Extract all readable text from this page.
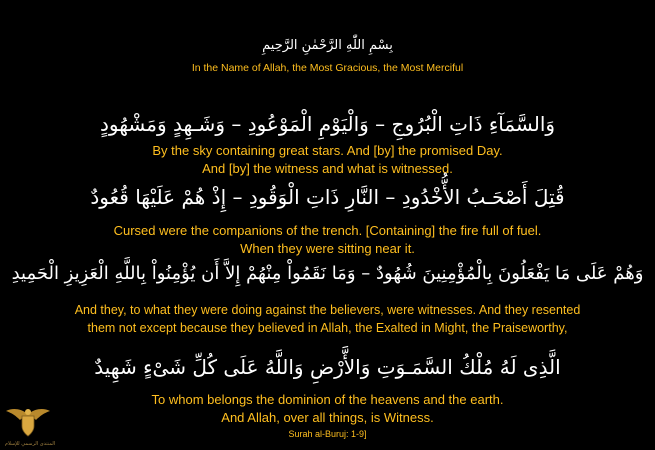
بِسْمِ اللّٰهِ الرَّحْمٰنِ الرَّحِيمِ
In the Name of Allah, the Most Gracious, the Most Merciful
وَالسَّمَآءِ ذَاتِ الْبُرُوجِ – وَالْيَوْمِ الْمَوْعُودِ – وَشَـهِدٍ وَمَشْهُودٍ
By the sky containing great stars. And [by] the promised Day.
And [by] the witness and what is witnessed.
قُتِلَ أَصْحَـبُ الأُّخْدُودِ – النَّارِ ذَاتِ الْوَقُودِ – إِذْ هُمْ عَلَيْهَا قُعُودٌ
Cursed were the companions of the trench. [Containing] the fire full of fuel.
When they were sitting near it.
وَهُمْ عَلَى مَا يَفْعَلُونَ بِالْمُؤْمِنِينَ شُهُودٌ – وَمَا نَقَمُواْ مِنْهُمْ إِلاَّ أَن يُؤْمِنُواْ بِاللَّهِ الْعَزِيزِ الْحَمِيدِ
And they, to what they were doing against the believers, were witnesses. And they resented
them not except because they believed in Allah, the Exalted in Might, the Praiseworthy,
الَّذِى لَهُ مُلْكُ السَّمَـوَتِ وَالأَّرْضِ وَاللَّهُ عَلَى كُلِّ شَىْءٍ شَهِيدٌ
To whom belongs the dominion of the heavens and the earth.
And Allah, over all things, is Witness.
Surah al-Buruj: 1-9]
المنتدى الرسمي للإسلام
